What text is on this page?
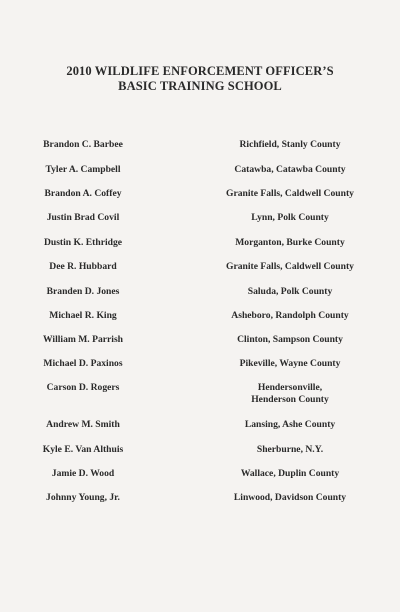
2010 WILDLIFE ENFORCEMENT OFFICER’S
BASIC TRAINING SCHOOL
Brandon C. Barbee	Richfield, Stanly County
Tyler A. Campbell	Catawba, Catawba County
Brandon A. Coffey	Granite Falls, Caldwell County
Justin Brad Covil	Lynn, Polk County
Dustin K. Ethridge	Morganton, Burke County
Dee R. Hubbard	Granite Falls, Caldwell County
Branden D. Jones	Saluda, Polk County
Michael R. King	Asheboro, Randolph County
William M. Parrish	Clinton, Sampson County
Michael D. Paxinos	Pikeville, Wayne County
Carson D. Rogers	Hendersonville,
Henderson County
Andrew M. Smith	Lansing, Ashe County
Kyle E. Van Althuis	Sherburne, N.Y.
Jamie D. Wood	Wallace, Duplin County
Johnny Young, Jr.	Linwood, Davidson County
